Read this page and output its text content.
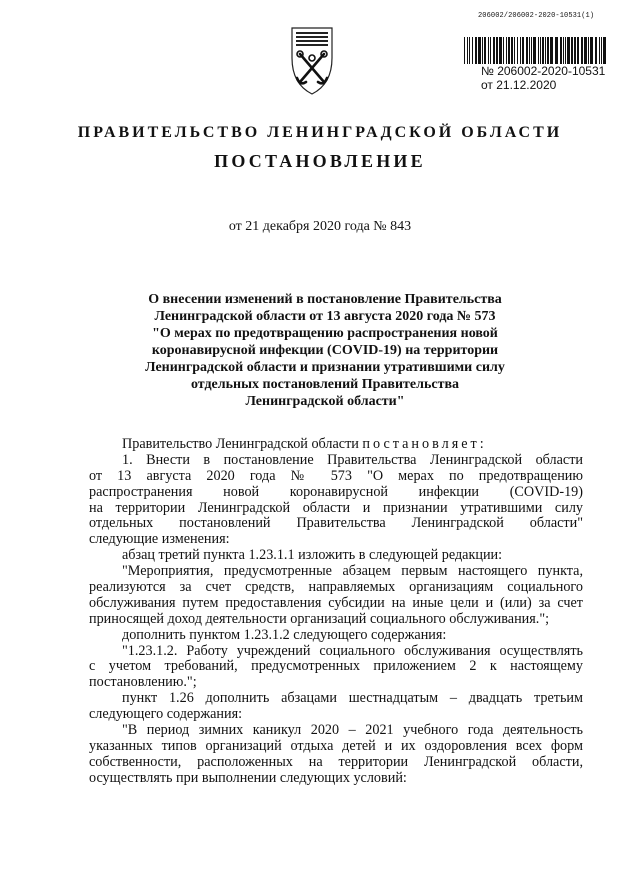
206002/206002-2020-10531(1)
№ 206002-2020-10531
от 21.12.2020
ПРАВИТЕЛЬСТВО ЛЕНИНГРАДСКОЙ ОБЛАСТИ
ПОСТАНОВЛЕНИЕ
от 21 декабря 2020 года № 843
О внесении изменений в постановление Правительства
Ленинградской области от 13 августа 2020 года № 573
"О мерах по предотвращению распространения новой
коронавирусной инфекции (COVID-19) на территории
Ленинградской области и признании утратившими силу
отдельных постановлений Правительства
Ленинградской области"
Правительство Ленинградской области постановляет:
1. Внести в постановление Правительства Ленинградской области
от 13 августа 2020 года № 573 "О мерах по предотвращению
распространения новой коронавирусной инфекции (COVID-19)
на территории Ленинградской области и признании утратившими силу
отдельных постановлений Правительства Ленинградской области"
следующие изменения:
абзац третий пункта 1.23.1.1 изложить в следующей редакции:
"Мероприятия, предусмотренные абзацем первым настоящего пункта,
реализуются за счет средств, направляемых организациям социального
обслуживания путем предоставления субсидии на иные цели и (или) за счет
приносящей доход деятельности организаций социального обслуживания.";
дополнить пунктом 1.23.1.2 следующего содержания:
"1.23.1.2. Работу учреждений социального обслуживания осуществлять
с учетом требований, предусмотренных приложением 2 к настоящему
постановлению.";
пункт 1.26 дополнить абзацами шестнадцатым – двадцать третьим
следующего содержания:
"В период зимних каникул 2020 – 2021 учебного года деятельность
указанных типов организаций отдыха детей и их оздоровления всех форм
собственности, расположенных на территории Ленинградской области,
осуществлять при выполнении следующих условий:
